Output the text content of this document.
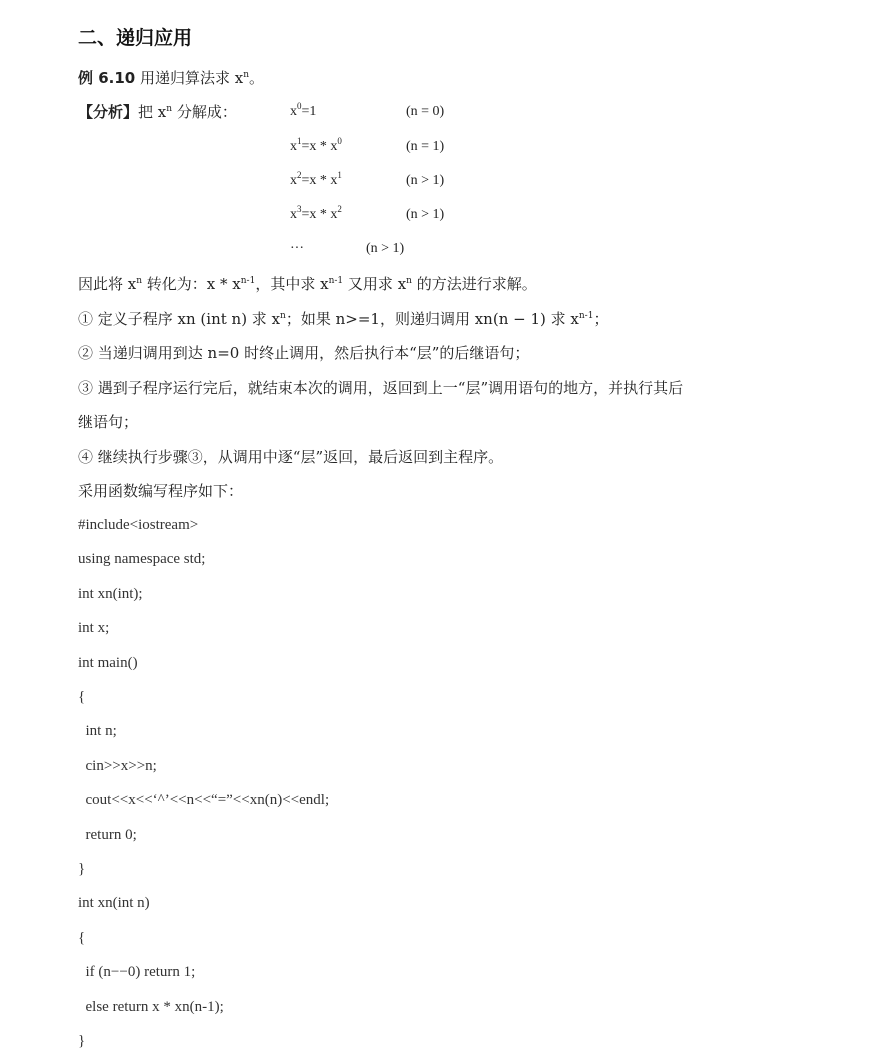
二、递归应用
例 6.10 用递归算法求 $x^n$。
【分析】把 $x^n$ 分解成：	$x^0=1$	(n = 0)
$x^1=x * x^0$	(n = 1)
$x^2=x * x^1$	(n > 1)
$x^3=x * x^2$	(n > 1)
···	(n > 1)
因此将 $x^n$ 转化为：x * $x^{n-1}$，其中求 $x^{n-1}$ 又用求 $x^n$ 的方法进行求解。
① 定义子程序 xn (int n) 求 $x^n$；如果 n>=1，则递归调用 xn(n − 1) 求 $x^{n-1}$；
② 当递归调用到达 n=0 时终止调用，然后执行本“层”的后继语句；
③ 遇到子程序运行完后，就结束本次的调用，返回到上一“层”调用语句的地方，并执行其后
继语句；
④ 继续执行步骤③，从调用中逐“层”返回，最后返回到主程序。
采用函数编写程序如下：
#include<iostream>
using namespace std;
int xn(int);
int x;
int main()
{
int n;
cin>>x>>n;
cout<<x<<‘^’<<n<<“=”<<xn(n)<<endl;
return 0;
}
int xn(int n)
{
if (n−−0) return 1;
else return x * xn(n-1);
}
